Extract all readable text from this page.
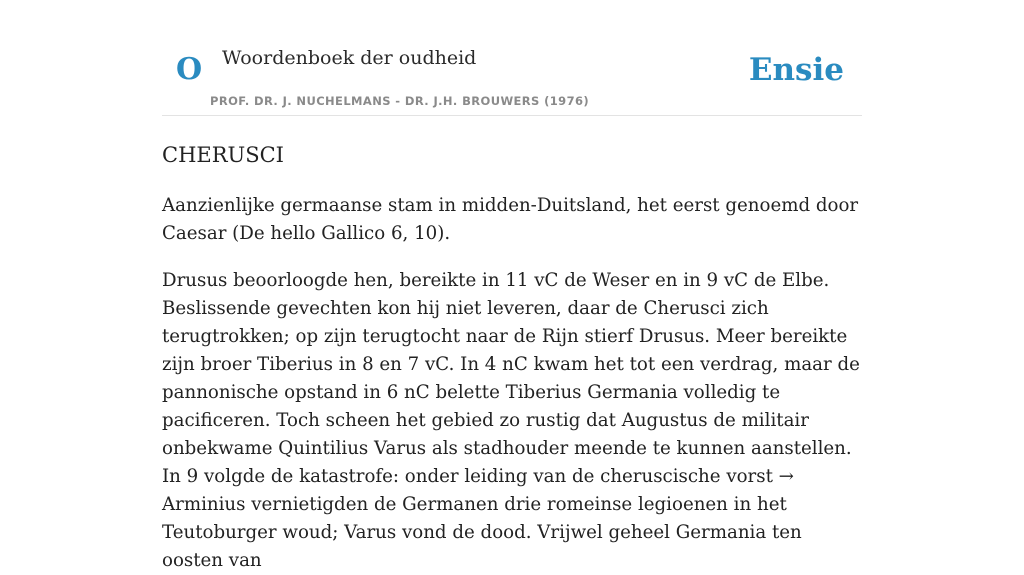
O Woordenboek der oudheid
PROF. DR. J. NUCHELMANS - DR. J.H. BROUWERS (1976)
Ensie
CHERUSCI

Aanzienlijke germaanse stam in midden-Duitsland, het eerst genoemd door Caesar (De hello Gallico 6, 10).

Drusus beoorloogde hen, bereikte in 11 vC de Weser en in 9 vC de Elbe. Beslissende gevechten kon hij niet leveren, daar de Cherusci zich terugtrokken; op zijn terugtocht naar de Rijn stierf Drusus. Meer bereikte zijn broer Tiberius in 8 en 7 vC. In 4 nC kwam het tot een verdrag, maar de pannonische opstand in 6 nC belette Tiberius Germania volledig te pacificeren. Toch scheen het gebied zo rustig dat Augustus de militair onbekwame Quintilius Varus als stadhouder meende te kunnen aanstellen. In 9 volgde de katastrofe: onder leiding van de cheruscische vorst → Arminius vernietigden de Germanen drie romeinse legioenen in het Teutoburger woud; Varus vond de dood. Vrijwel geheel Germania ten oosten van
